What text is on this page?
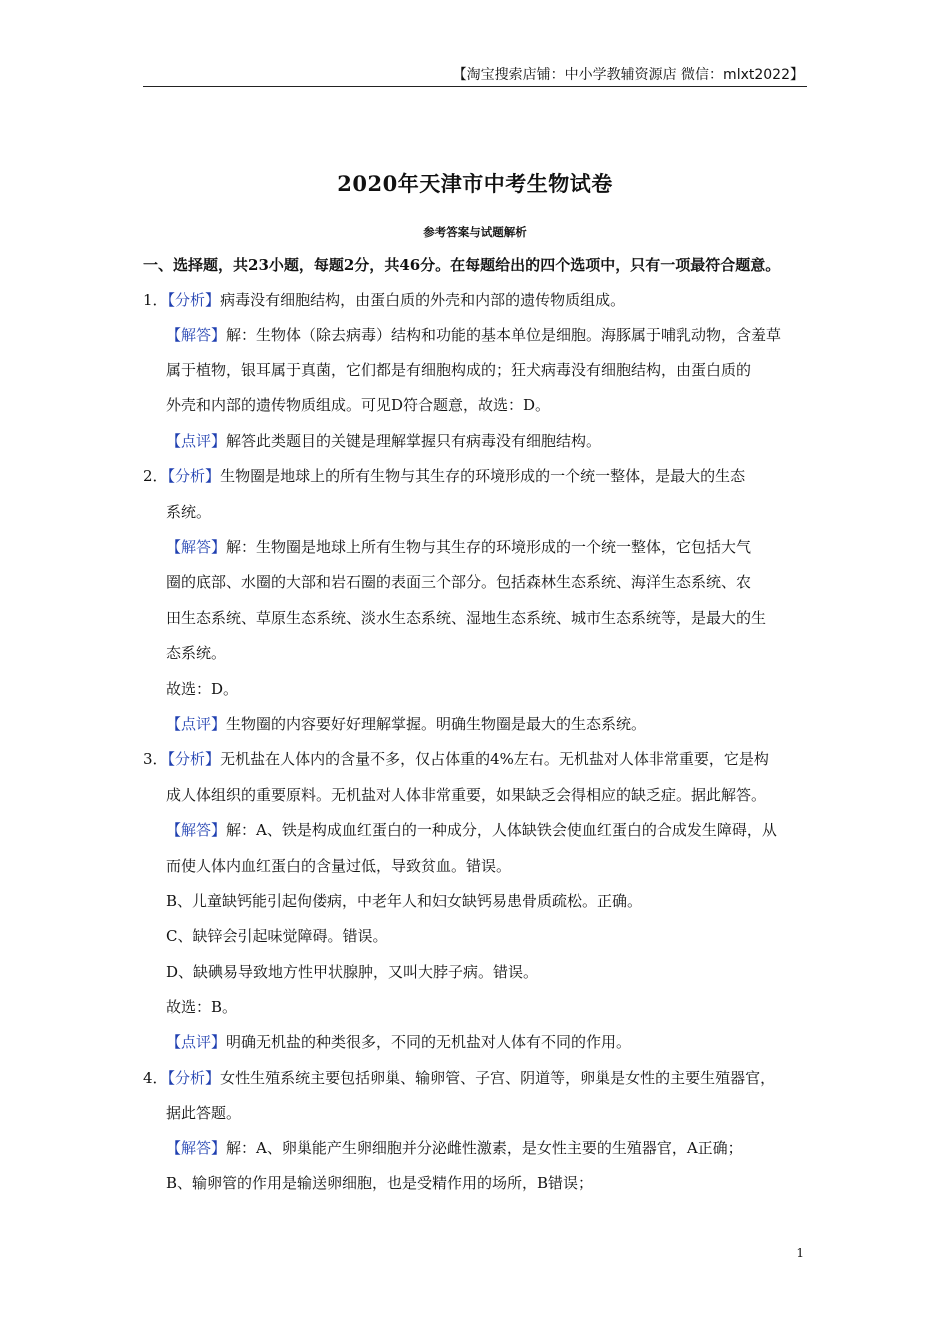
【淘宝搜索店铺：中小学教辅资源店 微信：mlxt2022】
2020年天津市中考生物试卷
参考答案与试题解析
一、选择题，共23小题，每题2分，共46分。在每题给出的四个选项中，只有一项最符合题意。
1．【分析】病毒没有细胞结构，由蛋白质的外壳和内部的遗传物质组成。
【解答】解：生物体（除去病毒）结构和功能的基本单位是细胞。海豚属于哺乳动物，含羞草
属于植物，银耳属于真菌，它们都是有细胞构成的；狂犬病毒没有细胞结构，由蛋白质的
外壳和内部的遗传物质组成。可见D符合题意，故选：D。
【点评】解答此类题目的关键是理解掌握只有病毒没有细胞结构。
2．【分析】生物圈是地球上的所有生物与其生存的环境形成的一个统一整体，是最大的生态
系统。
【解答】解：生物圈是地球上所有生物与其生存的环境形成的一个统一整体，它包括大气
圈的底部、水圈的大部和岩石圈的表面三个部分。包括森林生态系统、海洋生态系统、农
田生态系统、草原生态系统、淡水生态系统、湿地生态系统、城市生态系统等，是最大的生
态系统。
故选：D。
【点评】生物圈的内容要好好理解掌握。明确生物圈是最大的生态系统。
3．【分析】无机盐在人体内的含量不多，仅占体重的4%左右。无机盐对人体非常重要，它是构
成人体组织的重要原料。无机盐对人体非常重要，如果缺乏会得相应的缺乏症。据此解答。
【解答】解：A、铁是构成血红蛋白的一种成分，人体缺铁会使血红蛋白的合成发生障碍，从
而使人体内血红蛋白的含量过低，导致贫血。错误。
B、儿童缺钙能引起佝偻病，中老年人和妇女缺钙易患骨质疏松。正确。
C、缺锌会引起味觉障碍。错误。
D、缺碘易导致地方性甲状腺肿，又叫大脖子病。错误。
故选：B。
【点评】明确无机盐的种类很多，不同的无机盐对人体有不同的作用。
4．【分析】女性生殖系统主要包括卵巢、输卵管、子宫、阴道等，卵巢是女性的主要生殖器官，
据此答题。
【解答】解：A、卵巢能产生卵细胞并分泌雌性激素，是女性主要的生殖器官，A正确；
B、输卵管的作用是输送卵细胞，也是受精作用的场所，B错误；
1
